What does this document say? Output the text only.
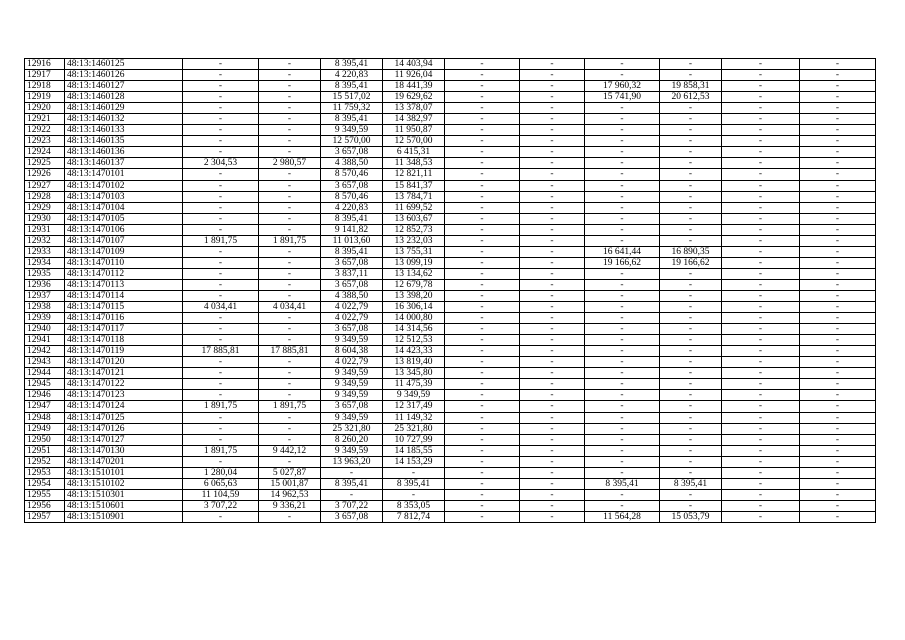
12916	48:13:1460125	-	-	8 395,41	14 403,94	-	-	-	-	-	-
12917	48:13:1460126	-	-	4 220,83	11 926,04	-	-	-	-	-	-
12918	48:13:1460127	-	-	8 395,41	18 441,39	-	-	17 960,32	19 858,31	-	-
12919	48:13:1460128	-	-	15 517,02	19 629,62	-	-	15 741,90	20 612,53	-	-
12920	48:13:1460129	-	-	11 759,32	13 378,07	-	-	-	-	-	-
12921	48:13:1460132	-	-	8 395,41	14 382,97	-	-	-	-	-	-
12922	48:13:1460133	-	-	9 349,59	11 950,87	-	-	-	-	-	-
12923	48:13:1460135	-	-	12 570,00	12 570,00	-	-	-	-	-	-
12924	48:13:1460136	-	-	3 657,08	6 415,31	-	-	-	-	-	-
12925	48:13:1460137	2 304,53	2 980,57	4 388,50	11 348,53	-	-	-	-	-	-
12926	48:13:1470101	-	-	8 570,46	12 821,11	-	-	-	-	-	-
12927	48:13:1470102	-	-	3 657,08	15 841,37	-	-	-	-	-	-
12928	48:13:1470103	-	-	8 570,46	13 784,71	-	-	-	-	-	-
12929	48:13:1470104	-	-	4 220,83	11 699,52	-	-	-	-	-	-
12930	48:13:1470105	-	-	8 395,41	13 603,67	-	-	-	-	-	-
12931	48:13:1470106	-	-	9 141,82	12 852,73	-	-	-	-	-	-
12932	48:13:1470107	1 891,75	1 891,75	11 013,60	13 232,03	-	-	-	-	-	-
12933	48:13:1470109	-	-	8 395,41	13 755,31	-	-	16 641,44	16 890,35	-	-
12934	48:13:1470110	-	-	3 657,08	13 099,19	-	-	19 166,62	19 166,62	-	-
12935	48:13:1470112	-	-	3 837,11	13 134,62	-	-	-	-	-	-
12936	48:13:1470113	-	-	3 657,08	12 679,78	-	-	-	-	-	-
12937	48:13:1470114	-	-	4 388,50	13 398,20	-	-	-	-	-	-
12938	48:13:1470115	4 034,41	4 034,41	4 022,79	16 306,14	-	-	-	-	-	-
12939	48:13:1470116	-	-	4 022,79	14 000,80	-	-	-	-	-	-
12940	48:13:1470117	-	-	3 657,08	14 314,56	-	-	-	-	-	-
12941	48:13:1470118	-	-	9 349,59	12 512,53	-	-	-	-	-	-
12942	48:13:1470119	17 885,81	17 885,81	8 604,38	14 423,33	-	-	-	-	-	-
12943	48:13:1470120	-	-	4 022,79	13 819,40	-	-	-	-	-	-
12944	48:13:1470121	-	-	9 349,59	13 345,80	-	-	-	-	-	-
12945	48:13:1470122	-	-	9 349,59	11 475,39	-	-	-	-	-	-
12946	48:13:1470123	-	-	9 349,59	9 349,59	-	-	-	-	-	-
12947	48:13:1470124	1 891,75	1 891,75	3 657,08	12 317,49	-	-	-	-	-	-
12948	48:13:1470125	-	-	9 349,59	11 149,32	-	-	-	-	-	-
12949	48:13:1470126	-	-	25 321,80	25 321,80	-	-	-	-	-	-
12950	48:13:1470127	-	-	8 260,20	10 727,99	-	-	-	-	-	-
12951	48:13:1470130	1 891,75	9 442,12	9 349,59	14 185,55	-	-	-	-	-	-
12952	48:13:1470201	-	-	13 963,20	14 153,29	-	-	-	-	-	-
12953	48:13:1510101	1 280,04	5 027,87	-	-	-	-	-	-	-	-
12954	48:13:1510102	6 065,63	15 001,87	8 395,41	8 395,41	-	-	8 395,41	8 395,41	-	-
12955	48:13:1510301	11 104,59	14 962,53	-	-	-	-	-	-	-	-
12956	48:13:1510601	3 707,22	9 336,21	3 707,22	8 353,05	-	-	-	-	-	-
12957	48:13:1510901	-	-	3 657,08	7 812,74	-	-	11 564,28	15 053,79	-	-
